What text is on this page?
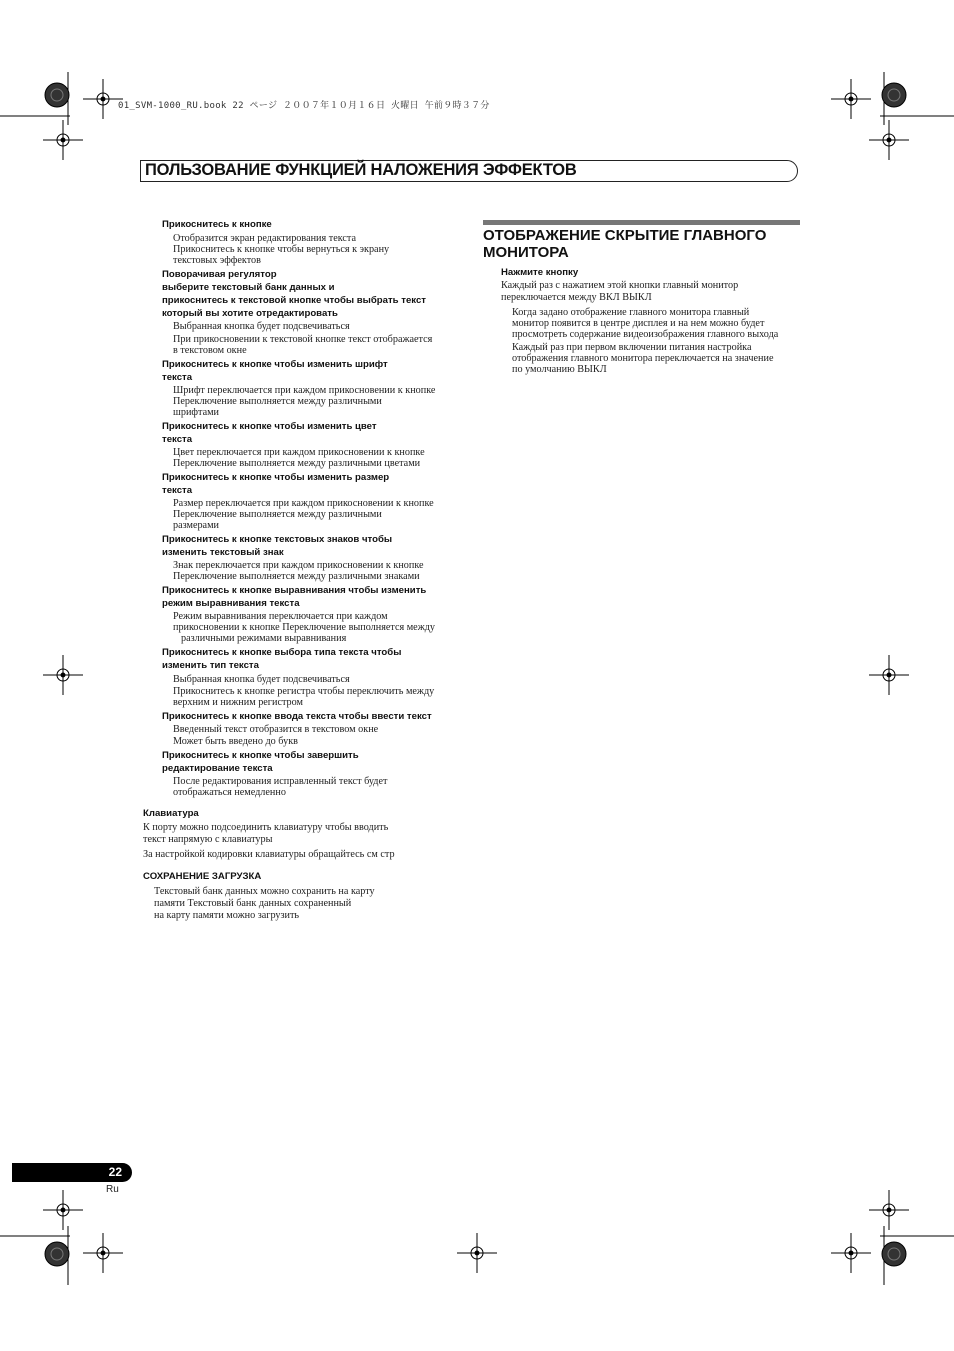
01_SVM-1000_RU.book 22 ページ ２００７年１０月１６日 火曜日 午前９時３７分
ПОЛЬЗОВАНИЕ ФУНКЦИЕЙ НАЛОЖЕНИЯ ЭФФЕКТОВ
Прикоснитесь к кнопке
Отобразится экран редактирования текста
Прикоснитесь к кнопке чтобы вернуться к экрану
текстовых эффектов
Поворачивая регулятор
выберите текстовый банк данных и
прикоснитесь к текстовой кнопке чтобы выбрать текст
который вы хотите отредактировать
Выбранная кнопка будет подсвечиваться
При прикосновении к текстовой кнопке текст отображается
в текстовом окне
Прикоснитесь к кнопке чтобы изменить шрифт
текста
Шрифт переключается при каждом прикосновении к кнопке
Переключение выполняется между различными
шрифтами
Прикоснитесь к кнопке чтобы изменить цвет
текста
Цвет переключается при каждом прикосновении к кнопке
Переключение выполняется между различными цветами
Прикоснитесь к кнопке чтобы изменить размер
текста
Размер переключается при каждом прикосновении к кнопке
Переключение выполняется между различными
размерами
Прикоснитесь к кнопке текстовых знаков чтобы
изменить текстовый знак
Знак переключается при каждом прикосновении к кнопке
Переключение выполняется между различными знаками
Прикоснитесь к кнопке выравнивания чтобы изменить
режим выравнивания текста
Режим выравнивания переключается при каждом
прикосновении к кнопке Переключение выполняется между
различными режимами выравнивания
Прикоснитесь к кнопке выбора типа текста чтобы
изменить тип текста
Выбранная кнопка будет подсвечиваться
Прикоснитесь к кнопке регистра чтобы переключить между
верхним и нижним регистром
Прикоснитесь к кнопке ввода текста чтобы ввести текст
Введенный текст отобразится в текстовом окне
Может быть введено до букв
Прикоснитесь к кнопке чтобы завершить
редактирование текста
После редактирования исправленный текст будет
отображаться немедленно
Клавиатура
К порту можно подсоединить клавиатуру чтобы вводить
текст напрямую с клавиатуры
За настройкой кодировки клавиатуры обращайтесь см стр
СОХРАНЕНИЕ ЗАГРУЗКА
Текстовый банк данных можно сохранить на карту
памяти Текстовый банк данных сохраненный
на карту памяти можно загрузить
ОТОБРАЖЕНИЕ СКРЫТИЕ ГЛАВНОГО
МОНИТОРА
Нажмите кнопку
Каждый раз с нажатием этой кнопки главный монитор
переключается между ВКЛ ВЫКЛ
Когда задано отображение главного монитора главный
монитор появится в центре дисплея и на нем можно будет
просмотреть содержание видеоизображения главного выхода
Каждый раз при первом включении питания настройка
отображения главного монитора переключается на значение
по умолчанию ВЫКЛ
22
Ru
